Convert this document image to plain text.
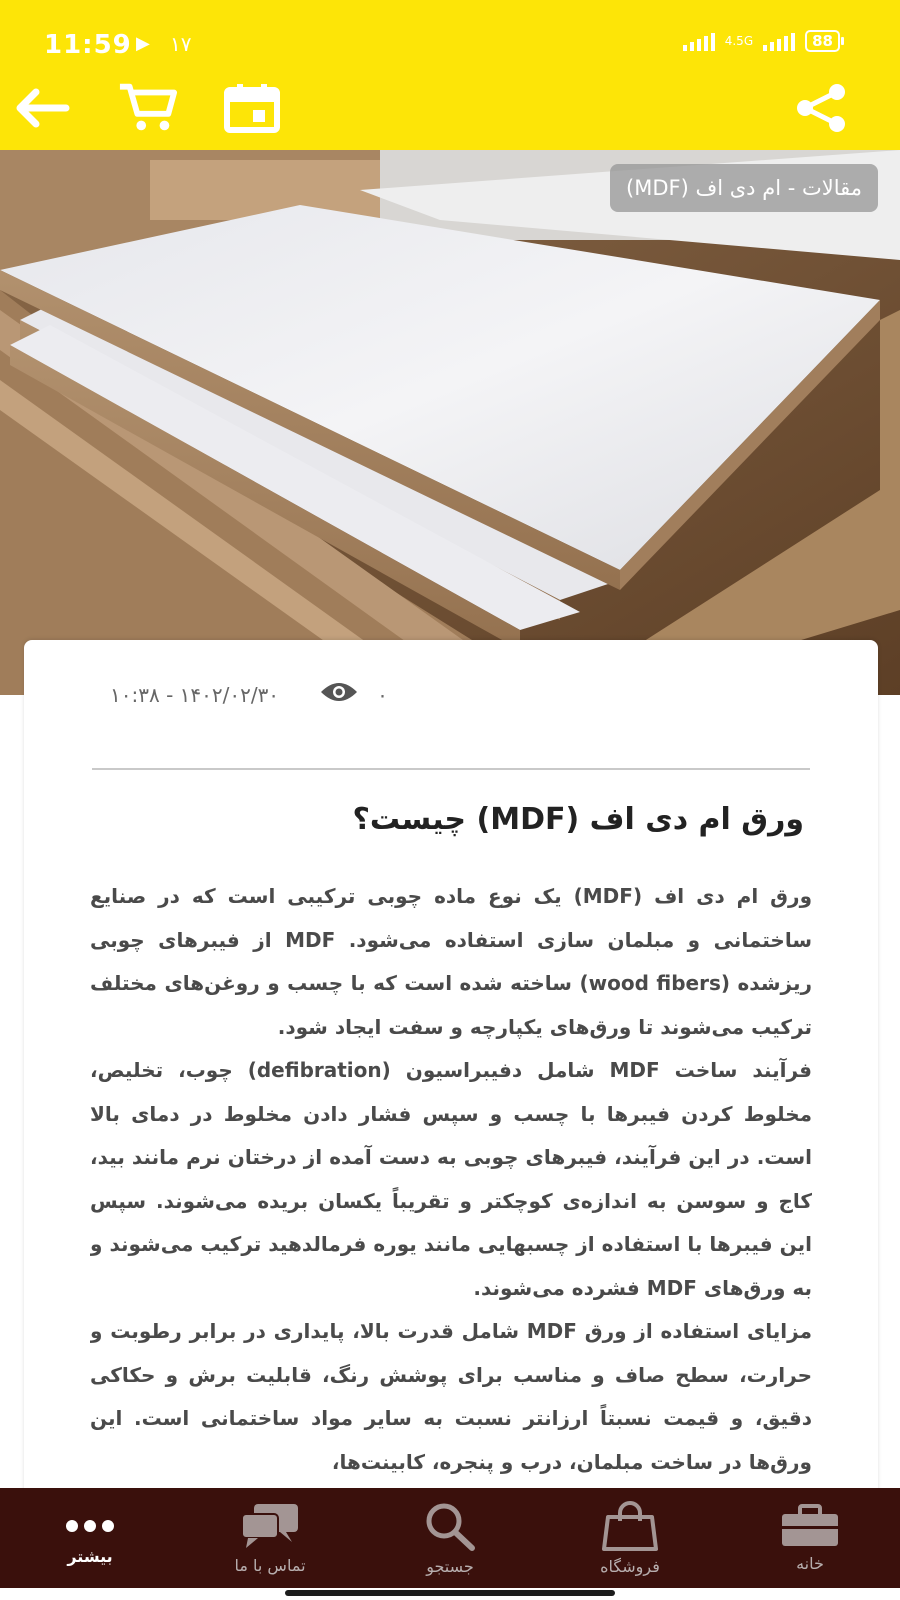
11:59 ▶ ۱۷	4.5G	88
مقالات - ام دی اف (MDF)
۱۰:۳۸ - ۱۴۰۲/۰۲/۳۰	۰
ورق ام دی اف (MDF) چیست؟

ورق ام دی اف (MDF) یک نوع ماده چوبی ترکیبی است که در صنایع ساختمانی و مبلمان سازی استفاده می‌شود. MDF از فیبرهای چوبی ریزشده (wood fibers) ساخته شده است که با چسب و روغن‌های مختلف ترکیب می‌شوند تا ورق‌های یکپارچه و سفت ایجاد شود.

فرآیند ساخت MDF شامل دفیبراسیون (defibration) چوب، تخلیص، مخلوط کردن فیبرها با چسب و سپس فشار دادن مخلوط در دمای بالا است. در این فرآیند، فیبرهای چوبی به دست آمده از درختان نرم مانند بید، کاج و سوسن به اندازه‌ی کوچکتر و تقریباً یکسان بریده می‌شوند. سپس این فیبرها با استفاده از چسبهایی مانند یوره فرمالدهید ترکیب می‌شوند و به ورق‌های MDF فشرده می‌شوند.

مزایای استفاده از ورق MDF شامل قدرت بالا، پایداری در برابر رطوبت و حرارت، سطح صاف و مناسب برای پوشش رنگ، قابلیت برش و حکاکی دقیق، و قیمت نسبتاً ارزانتر نسبت به سایر مواد ساختمانی است. این ورق‌ها در ساخت مبلمان، درب و پنجره، کابینت‌ها،

خانه
فروشگاه
جستجو
تماس با ما
بیشتر
